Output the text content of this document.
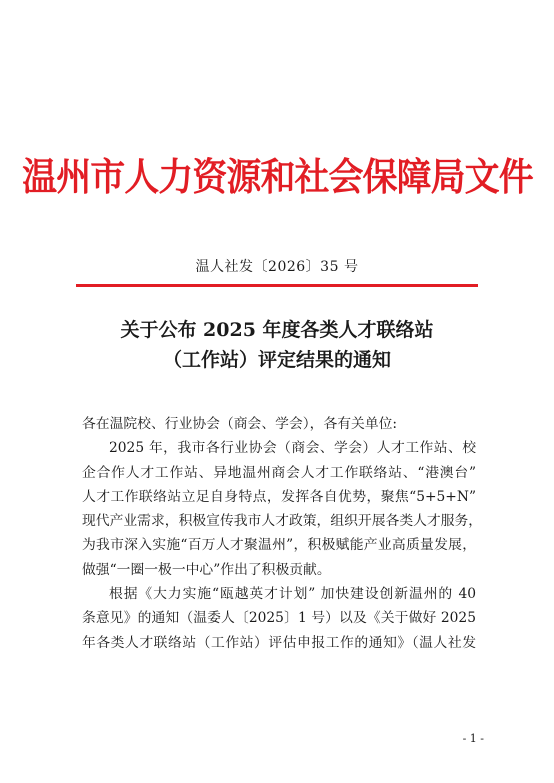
温州市人力资源和社会保障局文件
温人社发〔2026〕35 号
关于公布 2025 年度各类人才联络站
（工作站）评定结果的通知
各在温院校、行业协会（商会、学会），各有关单位:
2025 年，我市各行业协会（商会、学会）人才工作站、校
企合作人才工作站、异地温州商会人才工作联络站、“港澳台”
人才工作联络站立足自身特点，发挥各自优势，聚焦“5+5+N”
现代产业需求，积极宣传我市人才政策，组织开展各类人才服务，
为我市深入实施“百万人才聚温州”，积极赋能产业高质量发展，
做强“一圈一极一中心”作出了积极贡献。
根据《大力实施“瓯越英才计划” 加快建设创新温州的 40
条意见》的通知（温委人〔2025〕1 号）以及《关于做好 2025
年各类人才联络站（工作站）评估申报工作的通知》（温人社发
- 1 -
